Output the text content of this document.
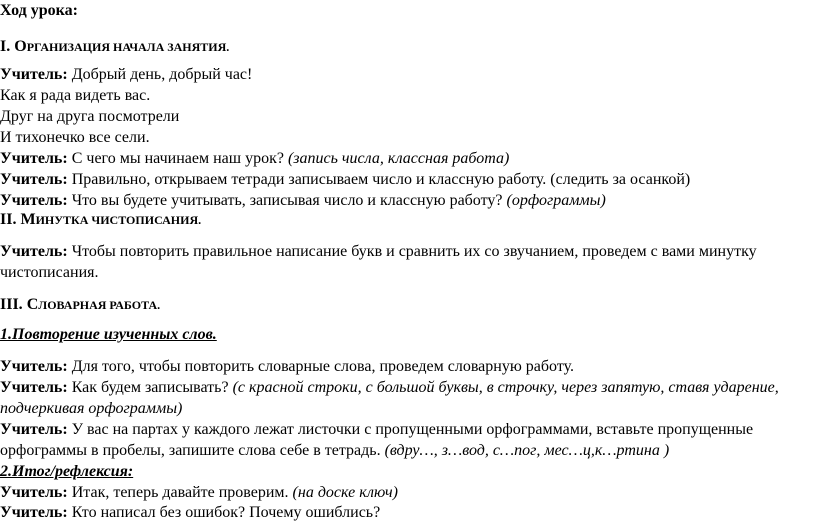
Ход урока:
I. ОРГАНИЗАЦИЯ НАЧАЛА ЗАНЯТИЯ.
Учитель: Добрый день, добрый час!
Как я рада видеть вас.
Друг на друга посмотрели
И тихонечко все сели.
Учитель: С чего мы начинаем наш урок? (запись числа, классная работа)
Учитель: Правильно, открываем тетради записываем число и классную работу. (следить за осанкой)
Учитель: Что вы будете учитывать, записывая число и классную работу? (орфограммы)
II. МИНУТКА ЧИСТОПИСАНИЯ.
Учитель: Чтобы повторить правильное написание букв и сравнить их со звучанием, проведем с вами минутку
чистописания.
III. СЛОВАРНАЯ РАБОТА.
1.Повторение изученных слов.
Учитель: Для того, чтобы повторить словарные слова, проведем словарную работу.
Учитель: Как будем записывать? (с красной строки, с большой буквы, в строчку, через запятую, ставя ударение,
подчеркивая орфограммы)
Учитель: У вас на партах у каждого лежат листочки с пропущенными орфограммами, вставьте пропущенные
орфограммы в пробелы, запишите слова себе в тетрадь. (вдру…, з…вод, с…пог, мес…ц,к…ртина )
2.Итог/рефлексия:
Учитель: Итак, теперь давайте проверим. (на доске ключ)
Учитель: Кто написал без ошибок? Почему ошиблись?
